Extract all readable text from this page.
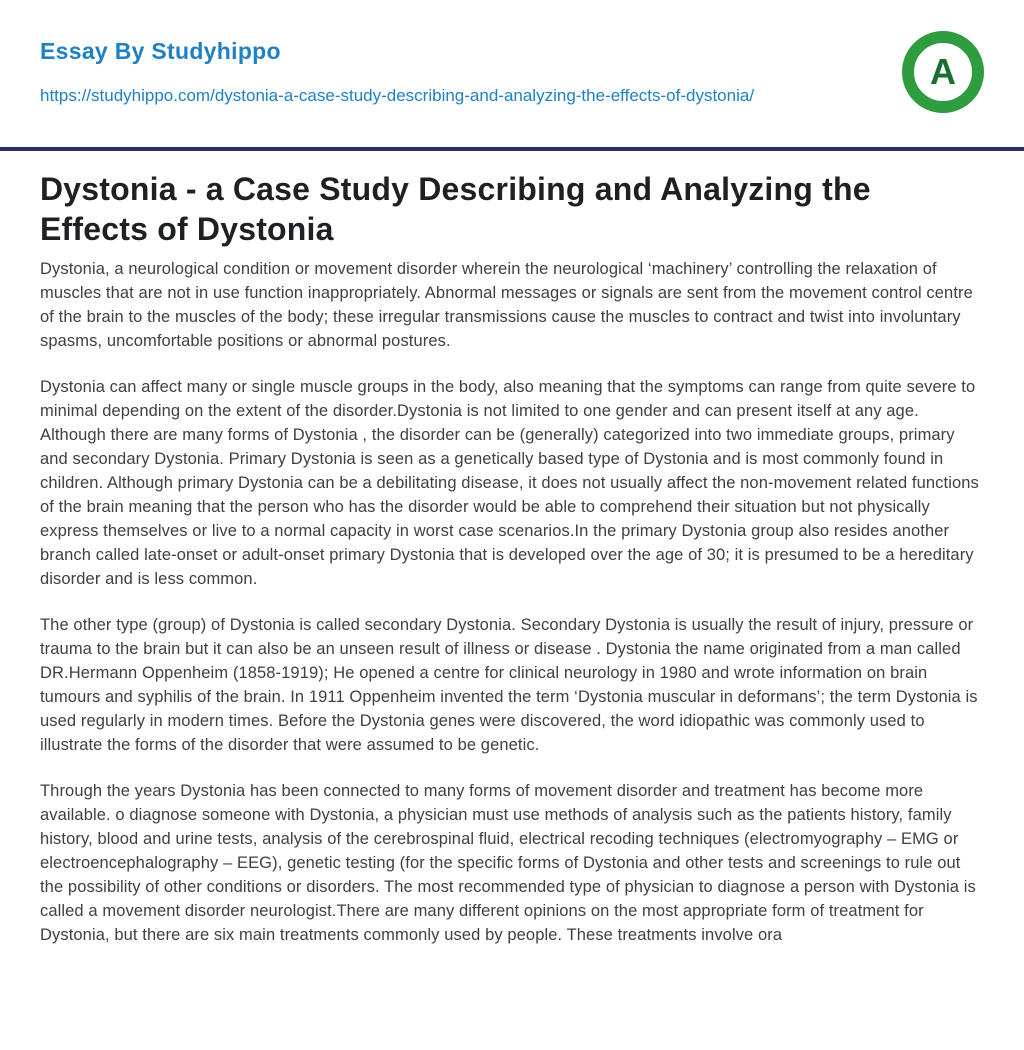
Essay By Studyhippo
https://studyhippo.com/dystonia-a-case-study-describing-and-analyzing-the-effects-of-dystonia/
A
Dystonia - a Case Study Describing and Analyzing the Effects of Dystonia

Dystonia, a neurological condition or movement disorder wherein the neurological ‘machinery’ controlling the relaxation of muscles that are not in use function inappropriately. Abnormal messages or signals are sent from the movement control centre of the brain to the muscles of the body; these irregular transmissions cause the muscles to contract and twist into involuntary spasms, uncomfortable positions or abnormal postures.

Dystonia can affect many or single muscle groups in the body, also meaning that the symptoms can range from quite severe to minimal depending on the extent of the disorder.Dystonia is not limited to one gender and can present itself at any age. Although there are many forms of Dystonia , the disorder can be (generally) categorized into two immediate groups, primary and secondary Dystonia. Primary Dystonia is seen as a genetically based type of Dystonia and is most commonly found in children. Although primary Dystonia can be a debilitating disease, it does not usually affect the non-movement related functions of the brain meaning that the person who has the disorder would be able to comprehend their situation but not physically express themselves or live to a normal capacity in worst case scenarios.In the primary Dystonia group also resides another branch called late-onset or adult-onset primary Dystonia that is developed over the age of 30; it is presumed to be a hereditary disorder and is less common.

The other type (group) of Dystonia is called secondary Dystonia. Secondary Dystonia is usually the result of injury, pressure or trauma to the brain but it can also be an unseen result of illness or disease . Dystonia the name originated from a man called DR.Hermann Oppenheim (1858-1919); He opened a centre for clinical neurology in 1980 and wrote information on brain tumours and syphilis of the brain. In 1911 Oppenheim invented the term ‘Dystonia muscular in deformans’; the term Dystonia is used regularly in modern times. Before the Dystonia genes were discovered, the word idiopathic was commonly used to illustrate the forms of the disorder that were assumed to be genetic.

Through the years Dystonia has been connected to many forms of movement disorder and treatment has become more available. o diagnose someone with Dystonia, a physician must use methods of analysis such as the patients history, family history, blood and urine tests, analysis of the cerebrospinal fluid, electrical recoding techniques (electromyography – EMG or electroencephalography – EEG), genetic testing (for the specific forms of Dystonia and other tests and screenings to rule out the possibility of other conditions or disorders. The most recommended type of physician to diagnose a person with Dystonia is called a movement disorder neurologist.There are many different opinions on the most appropriate form of treatment for Dystonia, but there are six main treatments commonly used by people. These treatments involve ora
